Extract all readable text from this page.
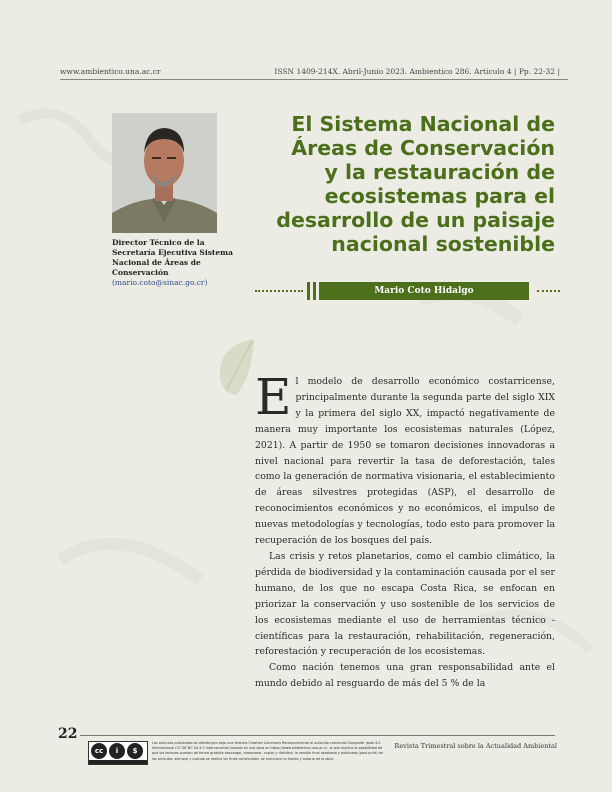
www.ambientico.una.ac.cr	ISSN 1409-214X. Abril-Junio 2023. Ambientico 286. Artículo 4 | Pp. 22-32 |
Director Técnico de la Secretaría Ejecutiva Sistema Nacional de Áreas de Conservación
(mario.coto@sinac.go.cr)
El Sistema Nacional de Áreas de Conservación y la restauración de ecosistemas para el desarrollo de un paisaje nacional sostenible
Mario Coto Hidalgo

El modelo de desarrollo económico costarricense, principalmente durante la segunda parte del siglo XIX y la primera del siglo XX, impactó negativamente de manera muy importante los ecosistemas naturales (López, 2021). A partir de 1950 se tomaron decisiones innovadoras a nivel nacional para revertir la tasa de deforestación, tales como la generación de normativa visionaria, el establecimiento de áreas silvestres protegidas (ASP), el desarrollo de reconocimientos económicos y no económicos, el impulso de nuevas metodologías y tecnologías, todo esto para promover la recuperación de los bosques del país.

Las crisis y retos planetarios, como el cambio climático, la pérdida de biodiversidad y la contaminación causada por el ser humano, de los que no escapa Costa Rica, se enfocan en priorizar la conservación y uso sostenible de los servicios de los ecosistemas mediante el uso de herramientas técnico - científicas para la restauración, rehabilitación, regeneración, reforestación y recuperación de los ecosistemas.

Como nación tenemos una gran responsabilidad ante el mundo debido al resguardo de más del 5 % de la

22
cc	i	$
Los artículos publicados se distribuyen bajo una licencia Creative Commons Reconocimiento al autor-No comercial-Compartir igual 4.0 Internacional (CC BY NC SA 4.0 Internacional) basada en una obra en https://www.ambientico.una.ac.cr, lo que implica la posibilidad de que los lectores puedan de forma gratuita descargar, almacenar, copiar y distribuir la versión final aprobada y publicada (post print) de los artículos, siempre y cuando se realice sin fines comerciales, se mencione la fuente y autoría de la obra.
Revista Trimestral sobre la Actualidad Ambiental
